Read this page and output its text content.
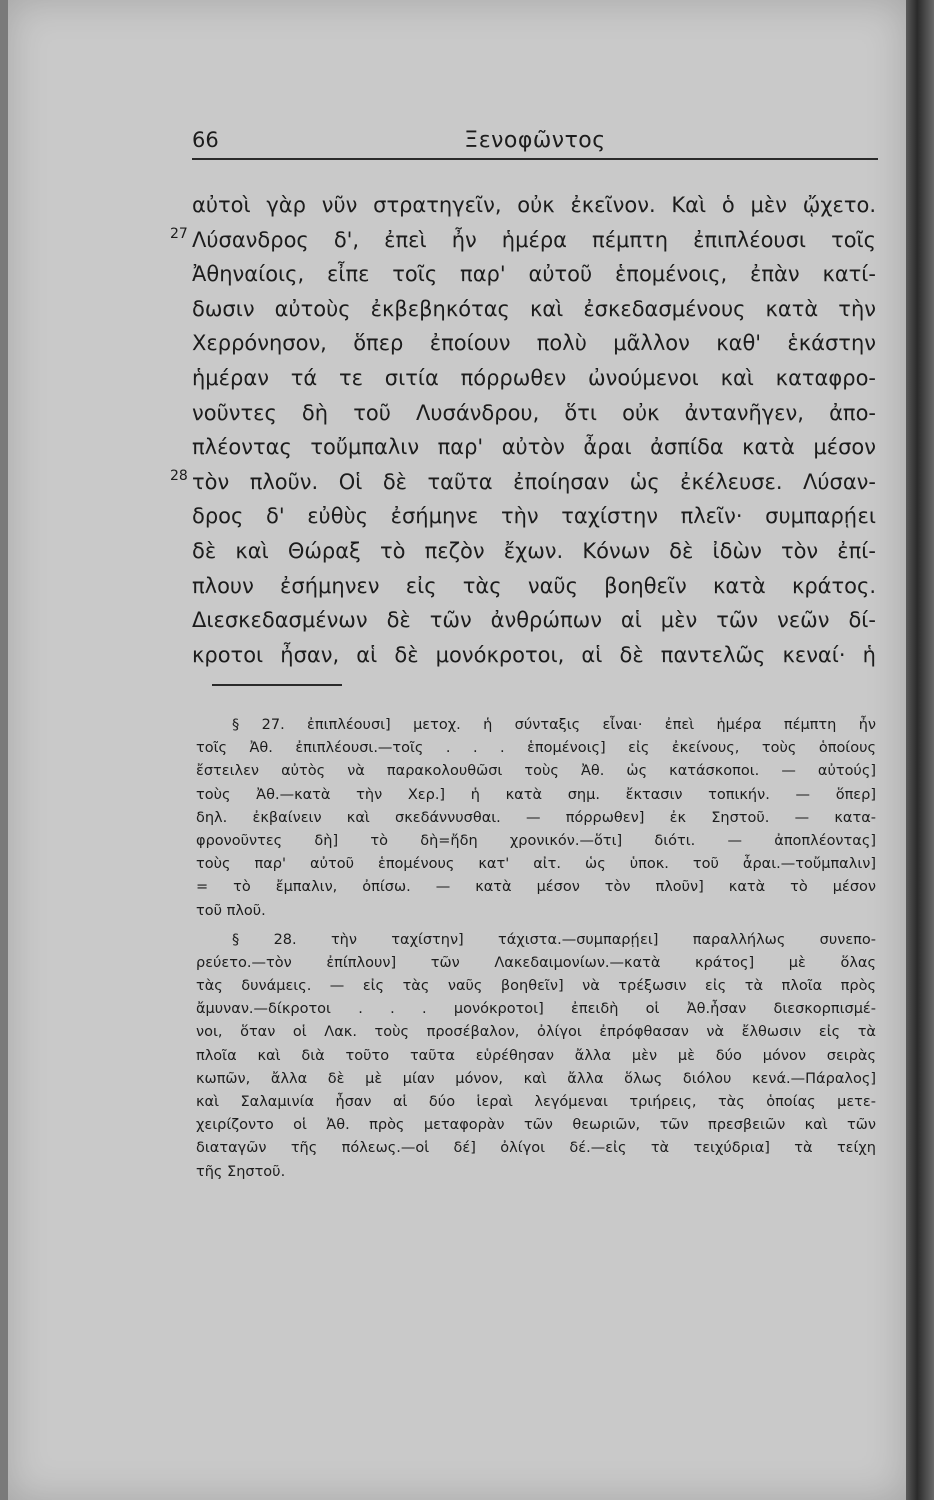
66	Ξενοφῶντος
αὐτοὶ γὰρ νῦν στρατηγεῖν, οὐκ ἐκεῖνον. Καὶ ὁ μὲν ᾤχετο.
27 Λύσανδρος δ', ἐπεὶ ἦν ἡμέρα πέμπτη ἐπιπλέουσι τοῖς
Ἀθηναίοις, εἶπε τοῖς παρ' αὐτοῦ ἑπομένοις, ἐπὰν κατί-
δωσιν αὐτοὺς ἐκβεβηκότας καὶ ἐσκεδασμένους κατὰ τὴν
Χερρόνησον, ὅπερ ἐποίουν πολὺ μᾶλλον καθ' ἑκάστην
ἡμέραν τά τε σιτία πόρρωθεν ὠνούμενοι καὶ καταφρο-
νοῦντες δὴ τοῦ Λυσάνδρου, ὅτι οὐκ ἀντανῆγεν, ἀπο-
πλέοντας τοὔμπαλιν παρ' αὐτὸν ἆραι ἀσπίδα κατὰ μέσον
28 τὸν πλοῦν. Οἱ δὲ ταῦτα ἐποίησαν ὡς ἐκέλευσε. Λύσαν-
δρος δ' εὐθὺς ἐσήμηνε τὴν ταχίστην πλεῖν· συμπαρῄει
δὲ καὶ Θώραξ τὸ πεζὸν ἔχων. Κόνων δὲ ἰδὼν τὸν ἐπί-
πλουν ἐσήμηνεν εἰς τὰς ναῦς βοηθεῖν κατὰ κράτος.
Διεσκεδασμένων δὲ τῶν ἀνθρώπων αἱ μὲν τῶν νεῶν δί-
κροτοι ἦσαν, αἱ δὲ μονόκροτοι, αἱ δὲ παντελῶς κεναί· ἡ
§ 27. ἐπιπλέουσι] μετοχ. ἡ σύνταξις εἶναι· ἐπεὶ ἡμέρα πέμπτη ἦν
τοῖς Ἀθ. ἐπιπλέουσι.—τοῖς . . . ἑπομένοις] εἰς ἐκείνους, τοὺς ὁποίους
ἔστειλεν αὐτὸς νὰ παρακολουθῶσι τοὺς Ἀθ. ὡς κατάσκοποι. — αὐτούς]
τοὺς Ἀθ.—κατὰ τὴν Χερ.] ἡ κατὰ σημ. ἔκτασιν τοπικήν. — ὅπερ]
δηλ. ἐκβαίνειν καὶ σκεδάννυσθαι. — πόρρωθεν] ἐκ Σηστοῦ. — κατα-
φρονοῦντες δὴ] τὸ δὴ=ἤδη χρονικόν.—ὅτι] διότι. — ἀποπλέοντας]
τοὺς παρ' αὐτοῦ ἑπομένους κατ' αἰτ. ὡς ὑποκ. τοῦ ἆραι.—τοὔμπαλιν]
= τὸ ἔμπαλιν, ὀπίσω. — κατὰ μέσον τὸν πλοῦν] κατὰ τὸ μέσον
τοῦ πλοῦ.
§ 28. τὴν ταχίστην] τάχιστα.—συμπαρῄει] παραλλήλως συνεπο-
ρεύετο.—τὸν ἐπίπλουν] τῶν Λακεδαιμονίων.—κατὰ κράτος] μὲ ὅλας
τὰς δυνάμεις. — εἰς τὰς ναῦς βοηθεῖν] νὰ τρέξωσιν εἰς τὰ πλοῖα πρὸς
ἄμυναν.—δίκροτοι . . . μονόκροτοι] ἐπειδὴ οἱ Ἀθ.ἦσαν διεσκορπισμέ-
νοι, ὅταν οἱ Λακ. τοὺς προσέβαλον, ὀλίγοι ἐπρόφθασαν νὰ ἔλθωσιν εἰς τὰ
πλοῖα καὶ διὰ τοῦτο ταῦτα εὑρέθησαν ἄλλα μὲν μὲ δύο μόνον σειρὰς
κωπῶν, ἄλλα δὲ μὲ μίαν μόνον, καὶ ἄλλα ὅλως διόλου κενά.—Πάραλος]
καὶ Σαλαμινία ἦσαν αἱ δύο ἱεραὶ λεγόμεναι τριήρεις, τὰς ὁποίας μετε-
χειρίζοντο οἱ Ἀθ. πρὸς μεταφορὰν τῶν θεωριῶν, τῶν πρεσβειῶν καὶ τῶν
διαταγῶν τῆς πόλεως.—οἱ δέ] ὀλίγοι δέ.—εἰς τὰ τειχύδρια] τὰ τείχη
τῆς Σηστοῦ.
